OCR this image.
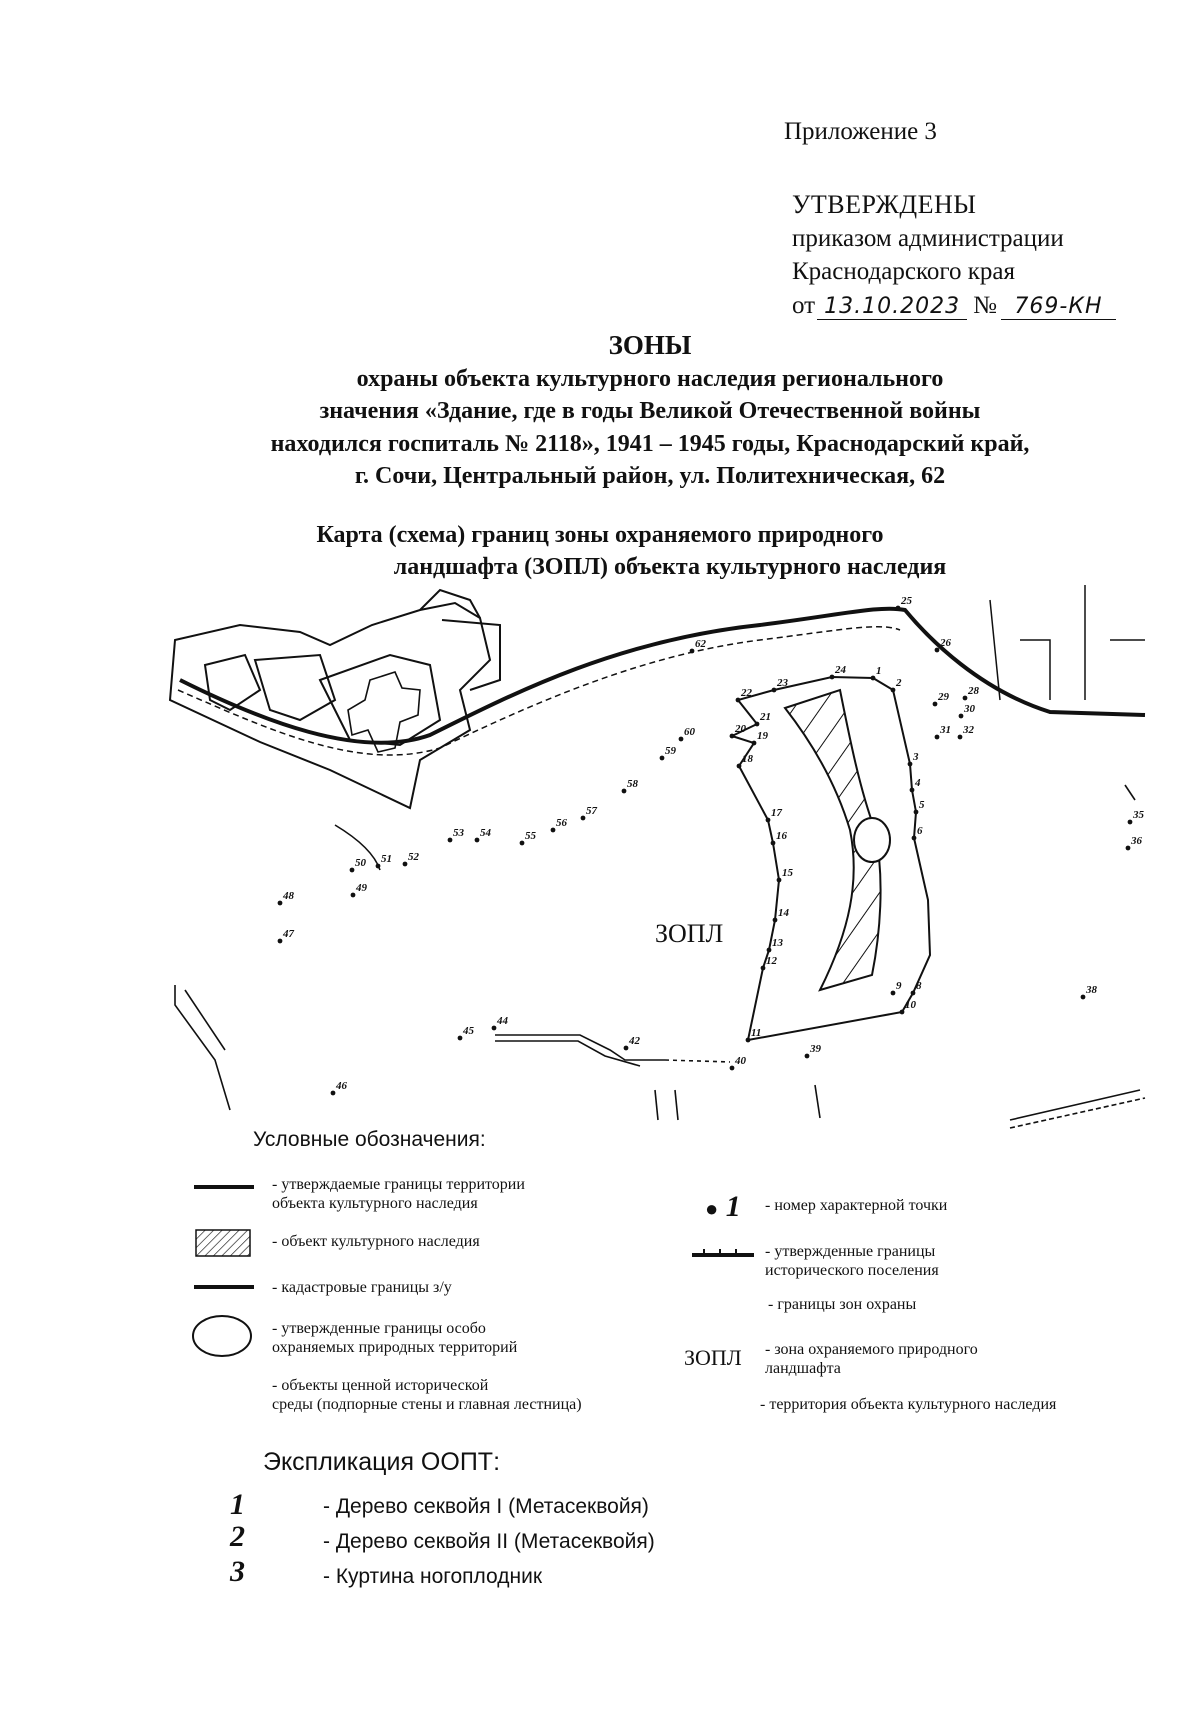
Приложение 3
УТВЕРЖДЕНЫ
приказом администрации
Краснодарского края
от 13.10.2023 № 769-КН
ЗОНЫ
охраны объекта культурного наследия регионального
значения «Здание, где в годы Великой Отечественной войны
находился госпиталь № 2118», 1941 – 1945 годы, Краснодарский край,
г. Сочи, Центральный район, ул. Политехническая, 62
Карта (схема) границ зоны охраняемого природного
ландшафта (ЗОПЛ) объекта культурного наследия
ЗОПЛ
1
2
3
4
5
6
8
9
10
11
12
13
14
15
16
17
18
19
20
21
22
23
24
25
26
28
29
30
31 32
35
36
38
39
40
42
44
45
46
47
48
49
50 51 52
53 54	55
56
57
58
59
60
62
Условные обозначения:
- утверждаемые границы территории
объекта культурного наследия
- объект культурного наследия
- кадастровые границы з/у
- утвержденные границы особо
охраняемых природных территорий
- объекты ценной исторической
среды (подпорные стены и главная лестница)
● 1 - номер характерной точки
- утвержденные границы
исторического поселения
- границы зон охраны
ЗОПЛ - зона охраняемого природного
ландшафта
- территория объекта культурного наследия
Экспликация ООПТ:
1	- Дерево секвойя I (Метасеквойя)
2	- Дерево секвойя II (Метасеквойя)
3	- Куртина ногоплодник
